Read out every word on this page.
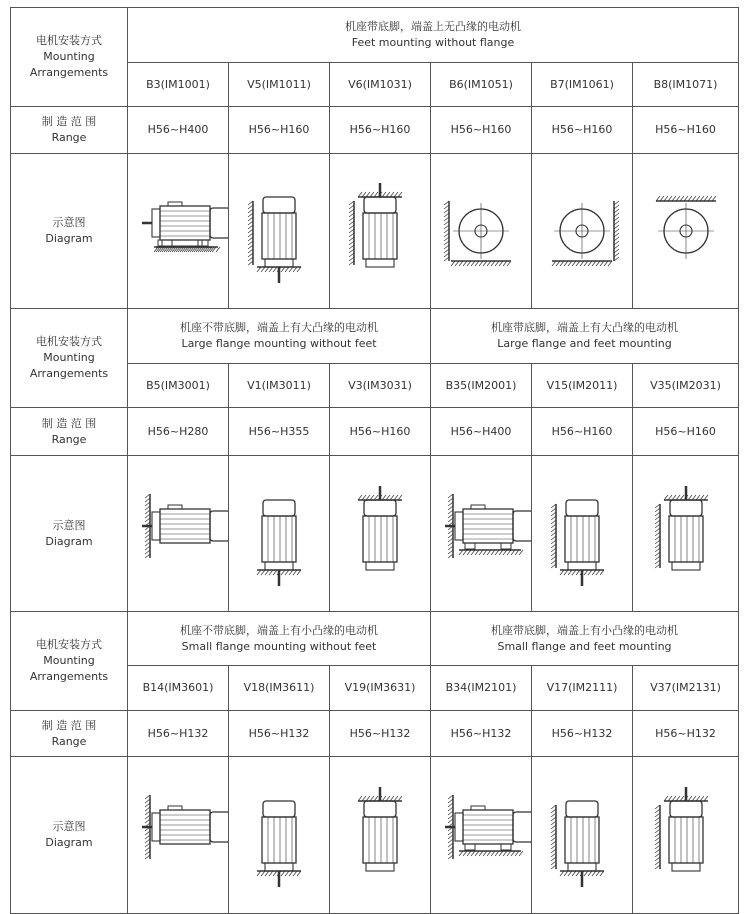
电机安装方式
Mounting Arrangements	机座带底脚，端盖上无凸缘的电动机
Feet mounting without flange					

	B3(IM1001)	V5(IM1011)	V6(IM1031)	B6(IM1051)	B7(IM1061)	B8(IM1071)

制 造 范 围
Range	H56~H400	H56~H160	H56~H160	H56~H160	H56~H160	H56~H160

示意图
Diagram

电机安装方式
Mounting Arrangements	机座不带底脚，端盖上有大凸缘的电动机
Large flange mounting without feet			机座带底脚，端盖上有大凸缘的电动机
Large flange and feet mounting		

	B5(IM3001)	V1(IM3011)	V3(IM3031)	B35(IM2001)	V15(IM2011)	V35(IM2031)

制 造 范 围
Range	H56~H280	H56~H355	H56~H160	H56~H400	H56~H160	H56~H160

示意图
Diagram

电机安装方式
Mounting Arrangements	机座不带底脚，端盖上有小凸缘的电动机
Small flange mounting without feet			机座带底脚，端盖上有小凸缘的电动机
Small flange and feet mounting		

	B14(IM3601)	V18(IM3611)	V19(IM3631)	B34(IM2101)	V17(IM2111)	V37(IM2131)

制 造 范 围
Range	H56~H132	H56~H132	H56~H132	H56~H132	H56~H132	H56~H132

示意图
Diagram
